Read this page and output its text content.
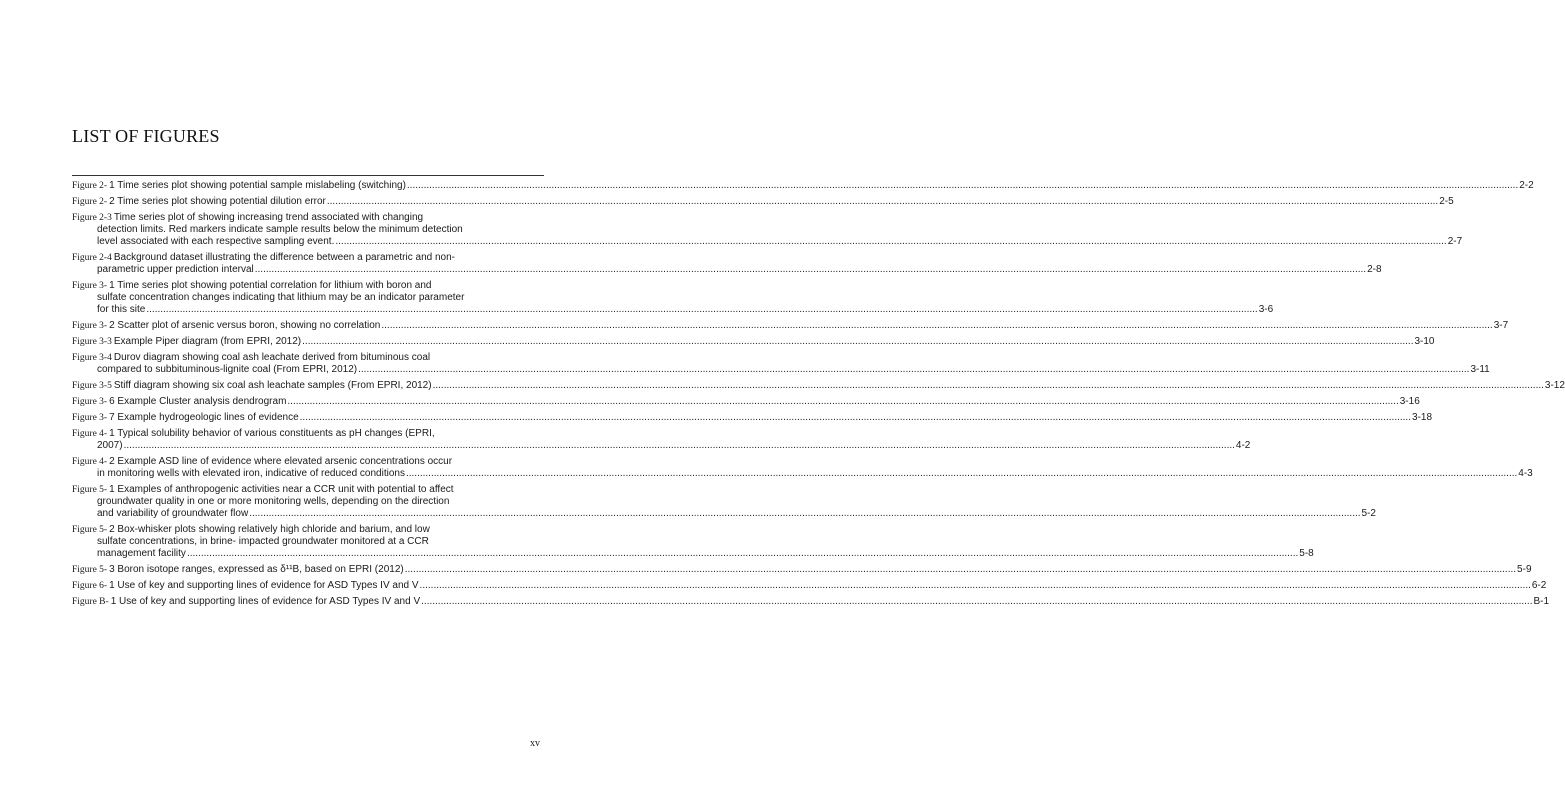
LIST OF FIGURES
Figure 2- 1 Time series plot showing potential sample mislabeling (switching) ................................................................................................................................................................................................................................................................................................................................................................................................................ 2-2
Figure 2- 2 Time series plot showing potential dilution error ................................................................................................................................................................................................................................................................................................................................................................................................................ 2-5
Figure 2-3 Time series plot of showing increasing trend associated with changing
detection limits. Red markers indicate sample results below the minimum detection
level associated with each respective sampling event. ................................................................................................................................................................................................................................................................................................................................................................................................................ 2-7
Figure 2-4 Background dataset illustrating the difference between a parametric and non-
parametric upper prediction interval ................................................................................................................................................................................................................................................................................................................................................................................................................ 2-8
Figure 3- 1 Time series plot showing potential correlation for lithium with boron and
sulfate concentration changes indicating that lithium may be an indicator parameter
for this site ................................................................................................................................................................................................................................................................................................................................................................................................................ 3-6
Figure 3- 2 Scatter plot of arsenic versus boron, showing no correlation ................................................................................................................................................................................................................................................................................................................................................................................................................ 3-7
Figure 3-3 Example Piper diagram (from EPRI, 2012) ................................................................................................................................................................................................................................................................................................................................................................................................................ 3-10
Figure 3-4 Durov diagram showing coal ash leachate derived from bituminous coal
compared to subbituminous-lignite coal (From EPRI, 2012) ................................................................................................................................................................................................................................................................................................................................................................................................................ 3-11
Figure 3-5 Stiff diagram showing six coal ash leachate samples (From EPRI, 2012) ................................................................................................................................................................................................................................................................................................................................................................................................................ 3-12
Figure 3- 6 Example Cluster analysis dendrogram ................................................................................................................................................................................................................................................................................................................................................................................................................ 3-16
Figure 3- 7 Example hydrogeologic lines of evidence ................................................................................................................................................................................................................................................................................................................................................................................................................ 3-18
Figure 4- 1 Typical solubility behavior of various constituents as pH changes (EPRI,
2007) ................................................................................................................................................................................................................................................................................................................................................................................................................ 4-2
Figure 4- 2 Example ASD line of evidence where elevated arsenic concentrations occur
in monitoring wells with elevated iron, indicative of reduced conditions ................................................................................................................................................................................................................................................................................................................................................................................................................ 4-3
Figure 5- 1 Examples of anthropogenic activities near a CCR unit with potential to affect
groundwater quality in one or more monitoring wells, depending on the direction
and variability of groundwater flow ................................................................................................................................................................................................................................................................................................................................................................................................................ 5-2
Figure 5- 2 Box-whisker plots showing relatively high chloride and barium, and low
sulfate concentrations, in brine- impacted groundwater monitored at a CCR
management facility ................................................................................................................................................................................................................................................................................................................................................................................................................ 5-8
Figure 5- 3 Boron isotope ranges, expressed as δ¹¹B, based on EPRI (2012) ................................................................................................................................................................................................................................................................................................................................................................................................................ 5-9
Figure 6- 1 Use of key and supporting lines of evidence for ASD Types IV and V ................................................................................................................................................................................................................................................................................................................................................................................................................ 6-2
Figure B- 1 Use of key and supporting lines of evidence for ASD Types IV and V ................................................................................................................................................................................................................................................................................................................................................................................................................ B-1
xv
